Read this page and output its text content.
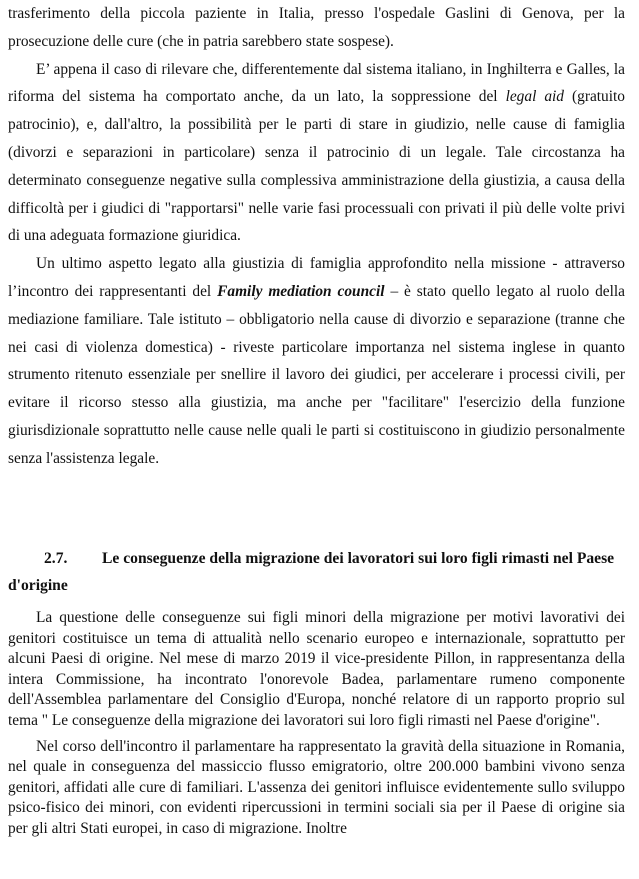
trasferimento della piccola paziente in Italia, presso l'ospedale Gaslini di Genova, per la
prosecuzione delle cure (che in patria sarebbero state sospese).

E’ appena il caso di rilevare che, differentemente dal sistema italiano, in Inghilterra e Galles, la riforma del sistema ha comportato anche, da un lato, la soppressione del legal aid (gratuito patrocinio), e, dall'altro, la possibilità per le parti di stare in giudizio, nelle cause di famiglia (divorzi e separazioni in particolare) senza il patrocinio di un legale. Tale circostanza ha determinato conseguenze negative sulla complessiva amministrazione della giustizia, a causa della difficoltà per i giudici di "rapportarsi" nelle varie fasi processuali con privati il più delle volte privi di una adeguata formazione giuridica.

Un ultimo aspetto legato alla giustizia di famiglia approfondito nella missione - attraverso l’incontro dei rappresentanti del Family mediation council – è stato quello legato al ruolo della mediazione familiare. Tale istituto – obbligatorio nella cause di divorzio e separazione (tranne che nei casi di violenza domestica) - riveste particolare importanza nel sistema inglese in quanto strumento ritenuto essenziale per snellire il lavoro dei giudici, per accelerare i processi civili, per evitare il ricorso stesso alla giustizia, ma anche per "facilitare" l'esercizio della funzione giurisdizionale soprattutto nelle cause nelle quali le parti si costituiscono in giudizio personalmente senza l'assistenza legale.

2.7. Le conseguenze della migrazione dei lavoratori sui loro figli rimasti nel Paese d'origine

La questione delle conseguenze sui figli minori della migrazione per motivi lavorativi dei genitori costituisce un tema di attualità nello scenario europeo e internazionale, soprattutto per alcuni Paesi di origine. Nel mese di marzo 2019 il vice-presidente Pillon, in rappresentanza della intera Commissione, ha incontrato l'onorevole Badea, parlamentare rumeno componente dell'Assemblea parlamentare del Consiglio d'Europa, nonché relatore di un rapporto proprio sul tema " Le conseguenze della migrazione dei lavoratori sui loro figli rimasti nel Paese d'origine".

Nel corso dell'incontro il parlamentare ha rappresentato la gravità della situazione in Romania, nel quale in conseguenza del massiccio flusso emigratorio, oltre 200.000 bambini vivono senza genitori, affidati alle cure di familiari. L'assenza dei genitori influisce evidentemente sullo sviluppo psico-fisico dei minori, con evidenti ripercussioni in termini sociali sia per il Paese di origine sia per gli altri Stati europei, in caso di migrazione. Inoltre
